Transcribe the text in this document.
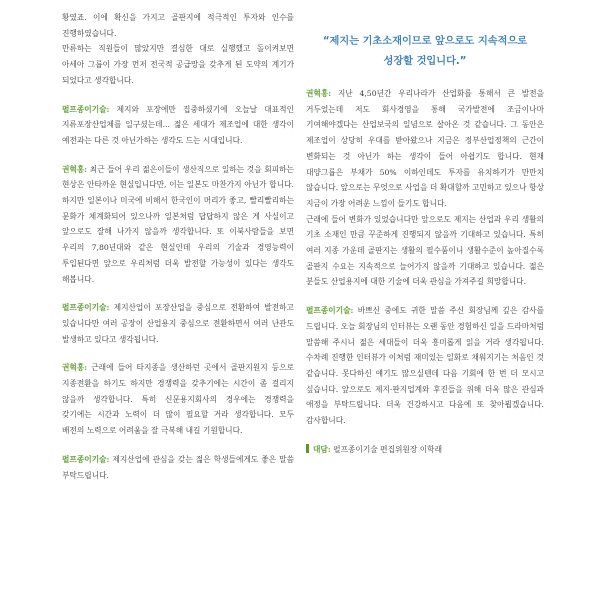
황였죠. 이에 확신을 가지고 골판지에 적극적인 투자와 인수를 진행하였습니다.

만류하는 직원들이 많았지만 결심한 대로 실행했고 돌이켜보면 아세아 그룹이 가장 먼저 전국적 공급망을 갖추게 된 도약의 계기가 되었다고 생각합니다.

펄프종이기술: 제지와 포장에만 집중하셨기에 오늘날 대표적인 지류포장산업체를 일구셨는데... 젊은 세대가 제조업에 대한 생각이 예전과는 다른 것 아닌가하는 생각도 드는 시대입니다.

권혁홍: 최근 들어 우리 젊은이들이 생산직으로 일하는 것을 회피하는 현상은 안타까운 현실입니다만, 이는 일본도 마찬가지 아닌가 합니다. 하지만 일본이나 미국에 비해서 한국인이 머리가 좋고, 빨리빨리하는 문화가 체계화되어 있으나까 일본처럼 답답하지 않은 게 사실이고 앞으로도 잘해 나가지 않을까 생각합니다. 또 이북사람들을 보면 우리의 7,80년대와 같은 현실인데 우리의 기술과 경영능력이 투입된다면 앞으로 우리처럼 더욱 발전할 가능성이 있다는 생각도 해봅니다.

펄프종이기술: 제지산업이 포장산업을 중심으로 전환하여 발전하고 있습니다만 여러 공장이 산업용지 중심으로 전환하면서 여러 난관도 발생하고 있다고 생각됩니다.

권혁홍: 근래에 들어 타지종을 생산하던 곳에서 골판지원지 등으로 지종전환을 하기도 하지만 경쟁력을 갖추기에는 시간이 좀 걸리지 않을까 생각합니다. 특히 신문용지회사의 경우에는 경쟁력을 갖기에는 시간과 노력이 더 많이 필요할 거라 생각합니다. 모두 배전의 노력으로 어려움을 잘 극복해 내길 기원합니다.

펄프종이기술: 제지산업에 관심을 갖는 젊은 학생들에게도 좋은 말씀 부탁드립니다.

“제지는 기초소재이므로 앞으로도 지속적으로
성장할 것입니다.”

권혁홍: 지난 4,50년간 우리나라가 산업화를 통해서 큰 발전을 거두었는데 저도 회사경영을 통해 국가발전에 조금이나마 기여해야겠다는 산업보국의 일념으로 살아온 것 같습니다. 그 동안은 제조업이 상당히 우대를 받아왔으나 지금은 정부산업정책의 근간이 변화되는 것 아닌가 하는 생각이 들어 아쉽기도 합니다. 현재 대양그룹은 부채가 50% 이하인데도 투자를 유치하기가 만만치 않습니다. 앞으로는 무엇으로 사업을 더 확대할까 고민하고 있으나 항상 지금이 가장 어려운 느낌이 들기도 합니다.

근래에 들어 변화가 있었습니다만 앞으로도 제지는 산업과 우리 생활의 기초 소재인 만큼 꾸준하게 진행되지 않을까 기대하고 있습니다. 특히 여러 지종 가운데 골판지는 생활의 필수품이니 생활수준이 높아질수록 골판지 수요는 지속적으로 늘어가지 않을까 기대하고 있습니다. 젊은 분들도 산업용지에 대한 기술에 더욱 관심을 가져주길 희망합니다.

펄프종이기술: 바쁘신 중에도 귀한 말씀 주신 회장님께 깊은 감사를 드립니다. 오늘 회장님의 인터뷰는 오랜 동안 경험하신 일을 드라마처럼 말씀해 주시니 젊은 세대들이 더욱 흥미롭게 읽을 거라 생각됩니다. 수차례 진행한 인터뷰가 이처럼 재미있는 일화로 채워지기는 처음인 것 같습니다. 못다하신 얘기도 많으실텐데 다음 기회에 한 번 더 모시고 싶습니다. 앞으로도 제지·판지업계와 후진들을 위해 더욱 많은 관심과 애정을 부탁드립니다. 더욱 건강하시고 다음에 또 찾아뵙겠습니다. 감사합니다.

대담: 펄프종이기술 편집위원장 이학래
